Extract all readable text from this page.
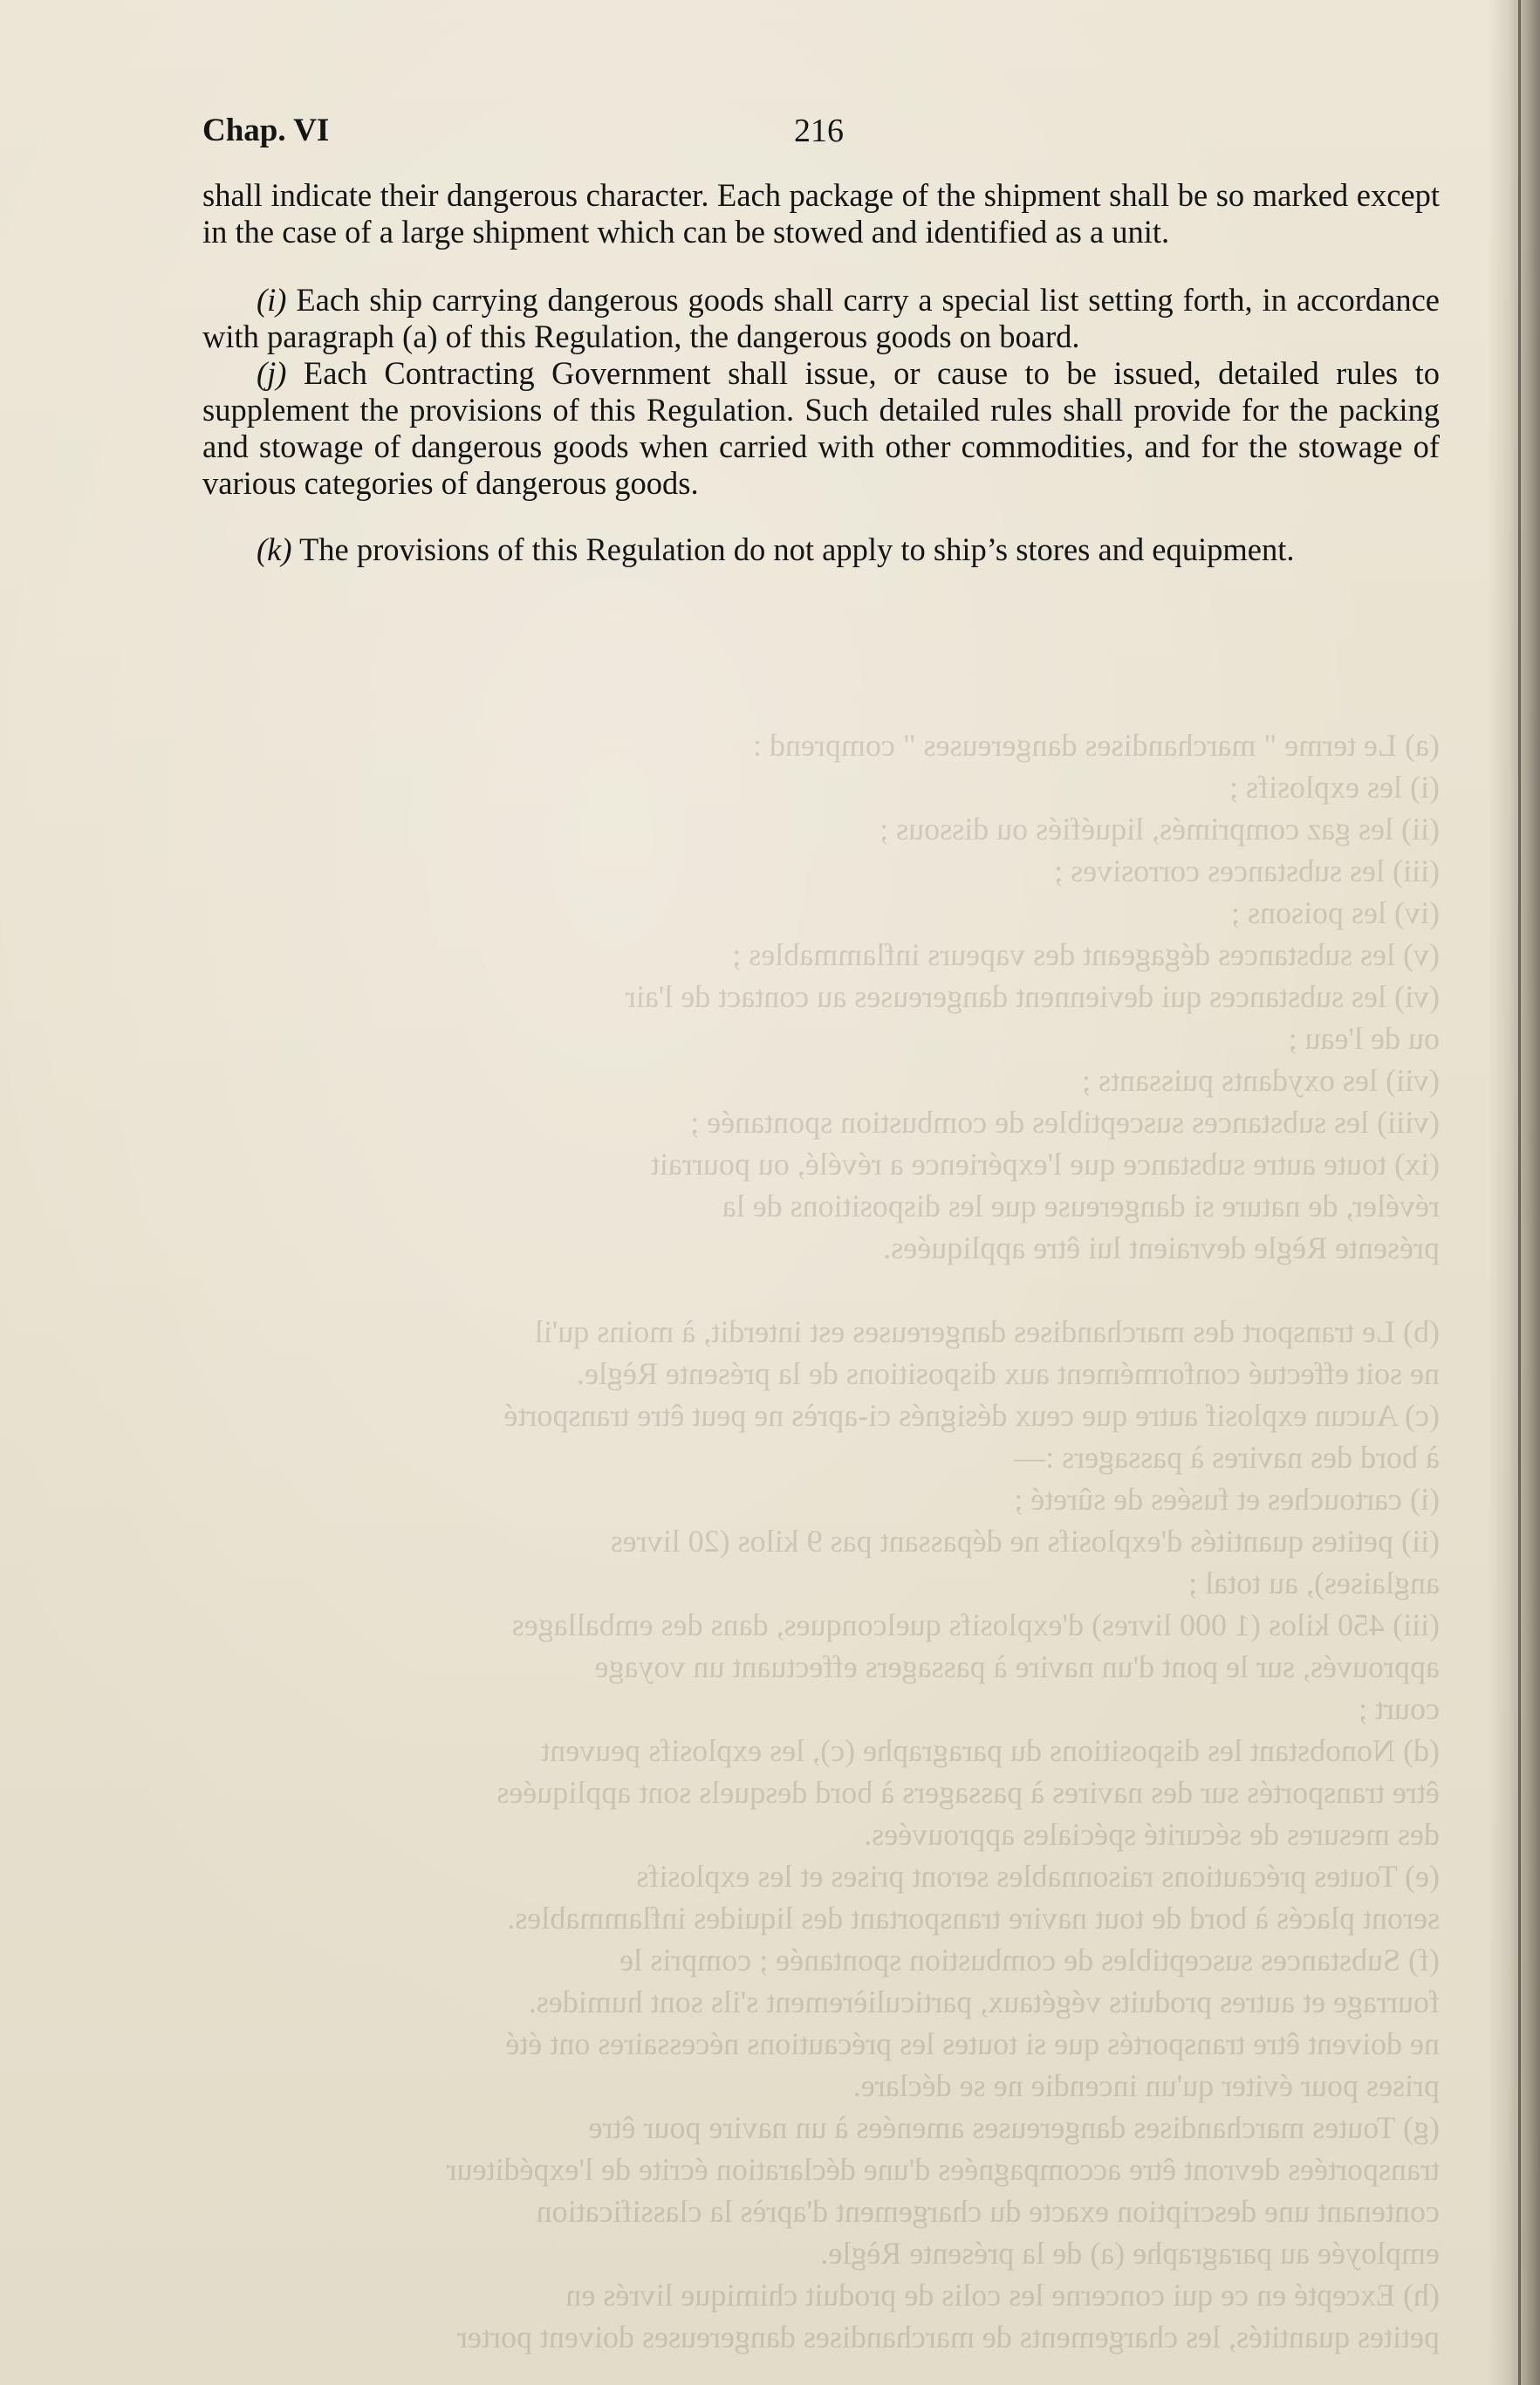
(a) Le terme " marchandises dangereuses " comprend :
(i) les explosifs ;
(ii) les gaz comprimés, liquéfiés ou dissous ;
(iii) les substances corrosives ;
(iv) les poisons ;
(v) les substances dégageant des vapeurs inflammables ;
(vi) les substances qui deviennent dangereuses au contact de l'air
ou de l'eau ;
(vii) les oxydants puissants ;
(viii) les substances susceptibles de combustion spontanée ;
(ix) toute autre substance que l'expérience a révélé, ou pourrait
révéler, de nature si dangereuse que les dispositions de la
présente Règle devraient lui être appliquées.

(b) Le transport des marchandises dangereuses est interdit, à moins qu'il
ne soit effectué conformément aux dispositions de la présente Règle.
(c) Aucun explosif autre que ceux désignés ci-après ne peut être transporté
à bord des navires à passagers :—
(i) cartouches et fusées de sûreté ;
(ii) petites quantités d'explosifs ne dépassant pas 9 kilos (20 livres
anglaises), au total ;
(iii) 450 kilos (1 000 livres) d'explosifs quelconques, dans des emballages
approuvés, sur le pont d'un navire à passagers effectuant un voyage
court ;
(d) Nonobstant les dispositions du paragraphe (c), les explosifs peuvent
être transportés sur des navires à passagers à bord desquels sont appliquées
des mesures de sécurité spéciales approuvées.
(e) Toutes précautions raisonnables seront prises et les explosifs
seront placés à bord de tout navire transportant des liquides inflammables.
(f) Substances susceptibles de combustion spontanée ; compris le
fourrage et autres produits végétaux, particulièrement s'ils sont humides.
ne doivent être transportés que si toutes les précautions nécessaires ont été
prises pour éviter qu'un incendie ne se déclare.
(g) Toutes marchandises dangereuses amenées à un navire pour être
transportées devront être accompagnées d'une déclaration écrite de l'expéditeur
contenant une description exacte du chargement d'après la classification
employée au paragraphe (a) de la présente Règle.
(h) Excepté en ce qui concerne les colis de produit chimique livrés en
petites quantités, les chargements de marchandises dangereuses doivent porter
Chap. VI	216

shall indicate their dangerous character. Each package of the shipment shall be so marked except in the case of a large shipment which can be stowed and identified as a unit.

(i) Each ship carrying dangerous goods shall carry a special list setting forth, in accordance with paragraph (a) of this Regulation, the dangerous goods on board.

(j) Each Contracting Government shall issue, or cause to be issued, detailed rules to supplement the provisions of this Regulation. Such detailed rules shall provide for the packing and stowage of dangerous goods when carried with other commodities, and for the stowage of various categories of dangerous goods.

(k) The provisions of this Regulation do not apply to ship’s stores and equipment.
